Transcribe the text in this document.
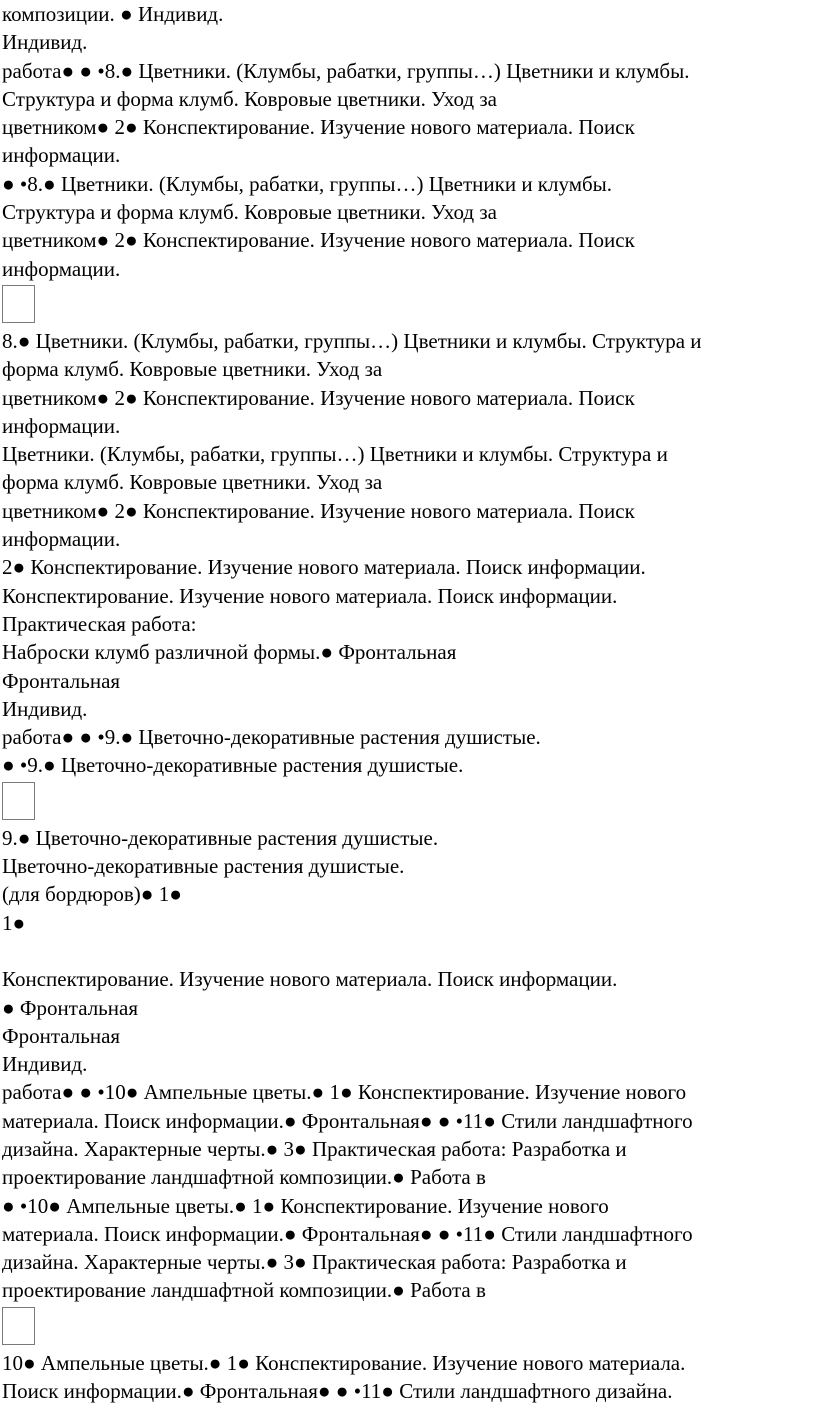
композиции. ● Индивид.
Индивид.
работа● ● •8.● Цветники. (Клумбы, рабатки, группы…) Цветники и клумбы.
Структура и форма клумб. Ковровые цветники. Уход за
цветником● 2● Конспектирование. Изучение нового материала. Поиск
информации.
● •8.● Цветники. (Клумбы, рабатки, группы…) Цветники и клумбы.
Структура и форма клумб. Ковровые цветники. Уход за
цветником● 2● Конспектирование. Изучение нового материала. Поиск
информации.
8.● Цветники. (Клумбы, рабатки, группы…) Цветники и клумбы. Структура и
форма клумб. Ковровые цветники. Уход за
цветником● 2● Конспектирование. Изучение нового материала. Поиск
информации.
Цветники. (Клумбы, рабатки, группы…) Цветники и клумбы. Структура и
форма клумб. Ковровые цветники. Уход за
цветником● 2● Конспектирование. Изучение нового материала. Поиск
информации.
2● Конспектирование. Изучение нового материала. Поиск информации.
Конспектирование. Изучение нового материала. Поиск информации.
Практическая работа:
Наброски клумб различной формы.● Фронтальная
Фронтальная
Индивид.
работа● ● •9.● Цветочно-декоративные растения душистые.
● •9.● Цветочно-декоративные растения душистые.
9.● Цветочно-декоративные растения душистые.
Цветочно-декоративные растения душистые.
(для бордюров)● 1●
1●
Конспектирование. Изучение нового материала. Поиск информации.
● Фронтальная
Фронтальная
Индивид.
работа● ● •10● Ампельные цветы.● 1● Конспектирование. Изучение нового
материала. Поиск информации.● Фронтальная● ● •11● Стили ландшафтного
дизайна. Характерные черты.● 3● Практическая работа: Разработка и
проектирование ландшафтной композиции.● Работа в
● •10● Ампельные цветы.● 1● Конспектирование. Изучение нового
материала. Поиск информации.● Фронтальная● ● •11● Стили ландшафтного
дизайна. Характерные черты.● 3● Практическая работа: Разработка и
проектирование ландшафтной композиции.● Работа в
10● Ампельные цветы.● 1● Конспектирование. Изучение нового материала.
Поиск информации.● Фронтальная● ● •11● Стили ландшафтного дизайна.
